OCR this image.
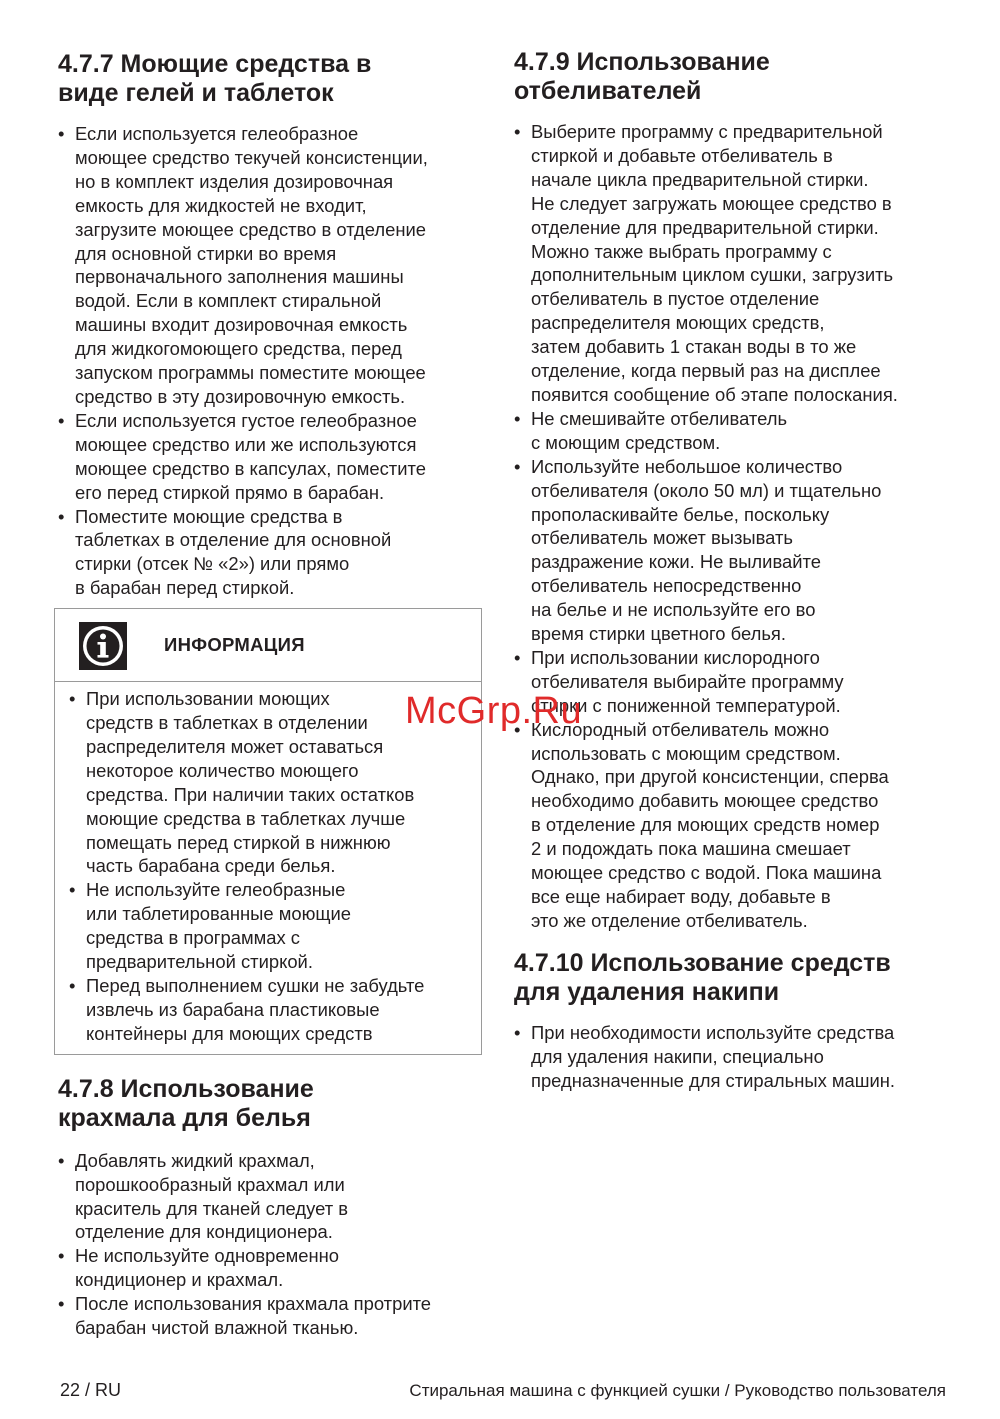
4.7.7 Моющие средства в
виде гелей и таблеток
• Если используется гелеобразное
моющее средство текучей консистенции,
но в комплект изделия дозировочная
емкость для жидкостей не входит,
загрузите моющее средство в отделение
для основной стирки во время
первоначального заполнения машины
водой. Если в комплект стиральной
машины входит дозировочная емкость
для жидкогомоющего средства, перед
запуском программы поместите моющее
средство в эту дозировочную емкость.
• Если используется густое гелеобразное
моющее средство или же используются
моющее средство в капсулах, поместите
его перед стиркой прямо в барабан.
• Поместите моющие средства в
таблетках в отделение для основной
стирки (отсек № «2») или прямо
в барабан перед стиркой.
ИНФОРМАЦИЯ
• При использовании моющих
средств в таблетках в отделении
распределителя может оставаться
некоторое количество моющего
средства. При наличии таких остатков
моющие средства в таблетках лучше
помещать перед стиркой в нижнюю
часть барабана среди белья.
• Не используйте гелеобразные
или таблетированные моющие
средства в программах с
предварительной стиркой.
• Перед выполнением сушки не забудьте
извлечь из барабана пластиковые
контейнеры для моющих средств
4.7.8 Использование
крахмала для белья
• Добавлять жидкий крахмал,
порошкообразный крахмал или
краситель для тканей следует в
отделение для кондиционера.
• Не используйте одновременно
кондиционер и крахмал.
• После использования крахмала протрите
барабан чистой влажной тканью.
4.7.9 Использование
отбеливателей
• Выберите программу с предварительной
стиркой и добавьте отбеливатель в
начале цикла предварительной стирки.
Не следует загружать моющее средство в
отделение для предварительной стирки.
Можно также выбрать программу с
дополнительным циклом сушки, загрузить
отбеливатель в пустое отделение
распределителя моющих средств,
затем добавить 1 стакан воды в то же
отделение, когда первый раз на дисплее
появится сообщение об этапе полоскания.
• Не смешивайте отбеливатель
с моющим средством.
• Используйте небольшое количество
отбеливателя (около 50 мл) и тщательно
прополаскивайте белье, поскольку
отбеливатель может вызывать
раздражение кожи. Не выливайте
отбеливатель непосредственно
на белье и не используйте его во
время стирки цветного белья.
• При использовании кислородного
отбеливателя выбирайте программу
стирки с пониженной температурой.
• Кислородный отбеливатель можно
использовать с моющим средством.
Однако, при другой консистенции, сперва
необходимо добавить моющее средство
в отделение для моющих средств номер
2 и подождать пока машина смешает
моющее средство с водой. Пока машина
все еще набирает воду, добавьте в
это же отделение отбеливатель.
4.7.10 Использование средств
для удаления накипи
• При необходимости используйте средства
для удаления накипи, специально
предназначенные для стиральных машин.
McGrp.Ru
22 / RU	Стиральная машина с функцией сушки / Руководство пользователя
